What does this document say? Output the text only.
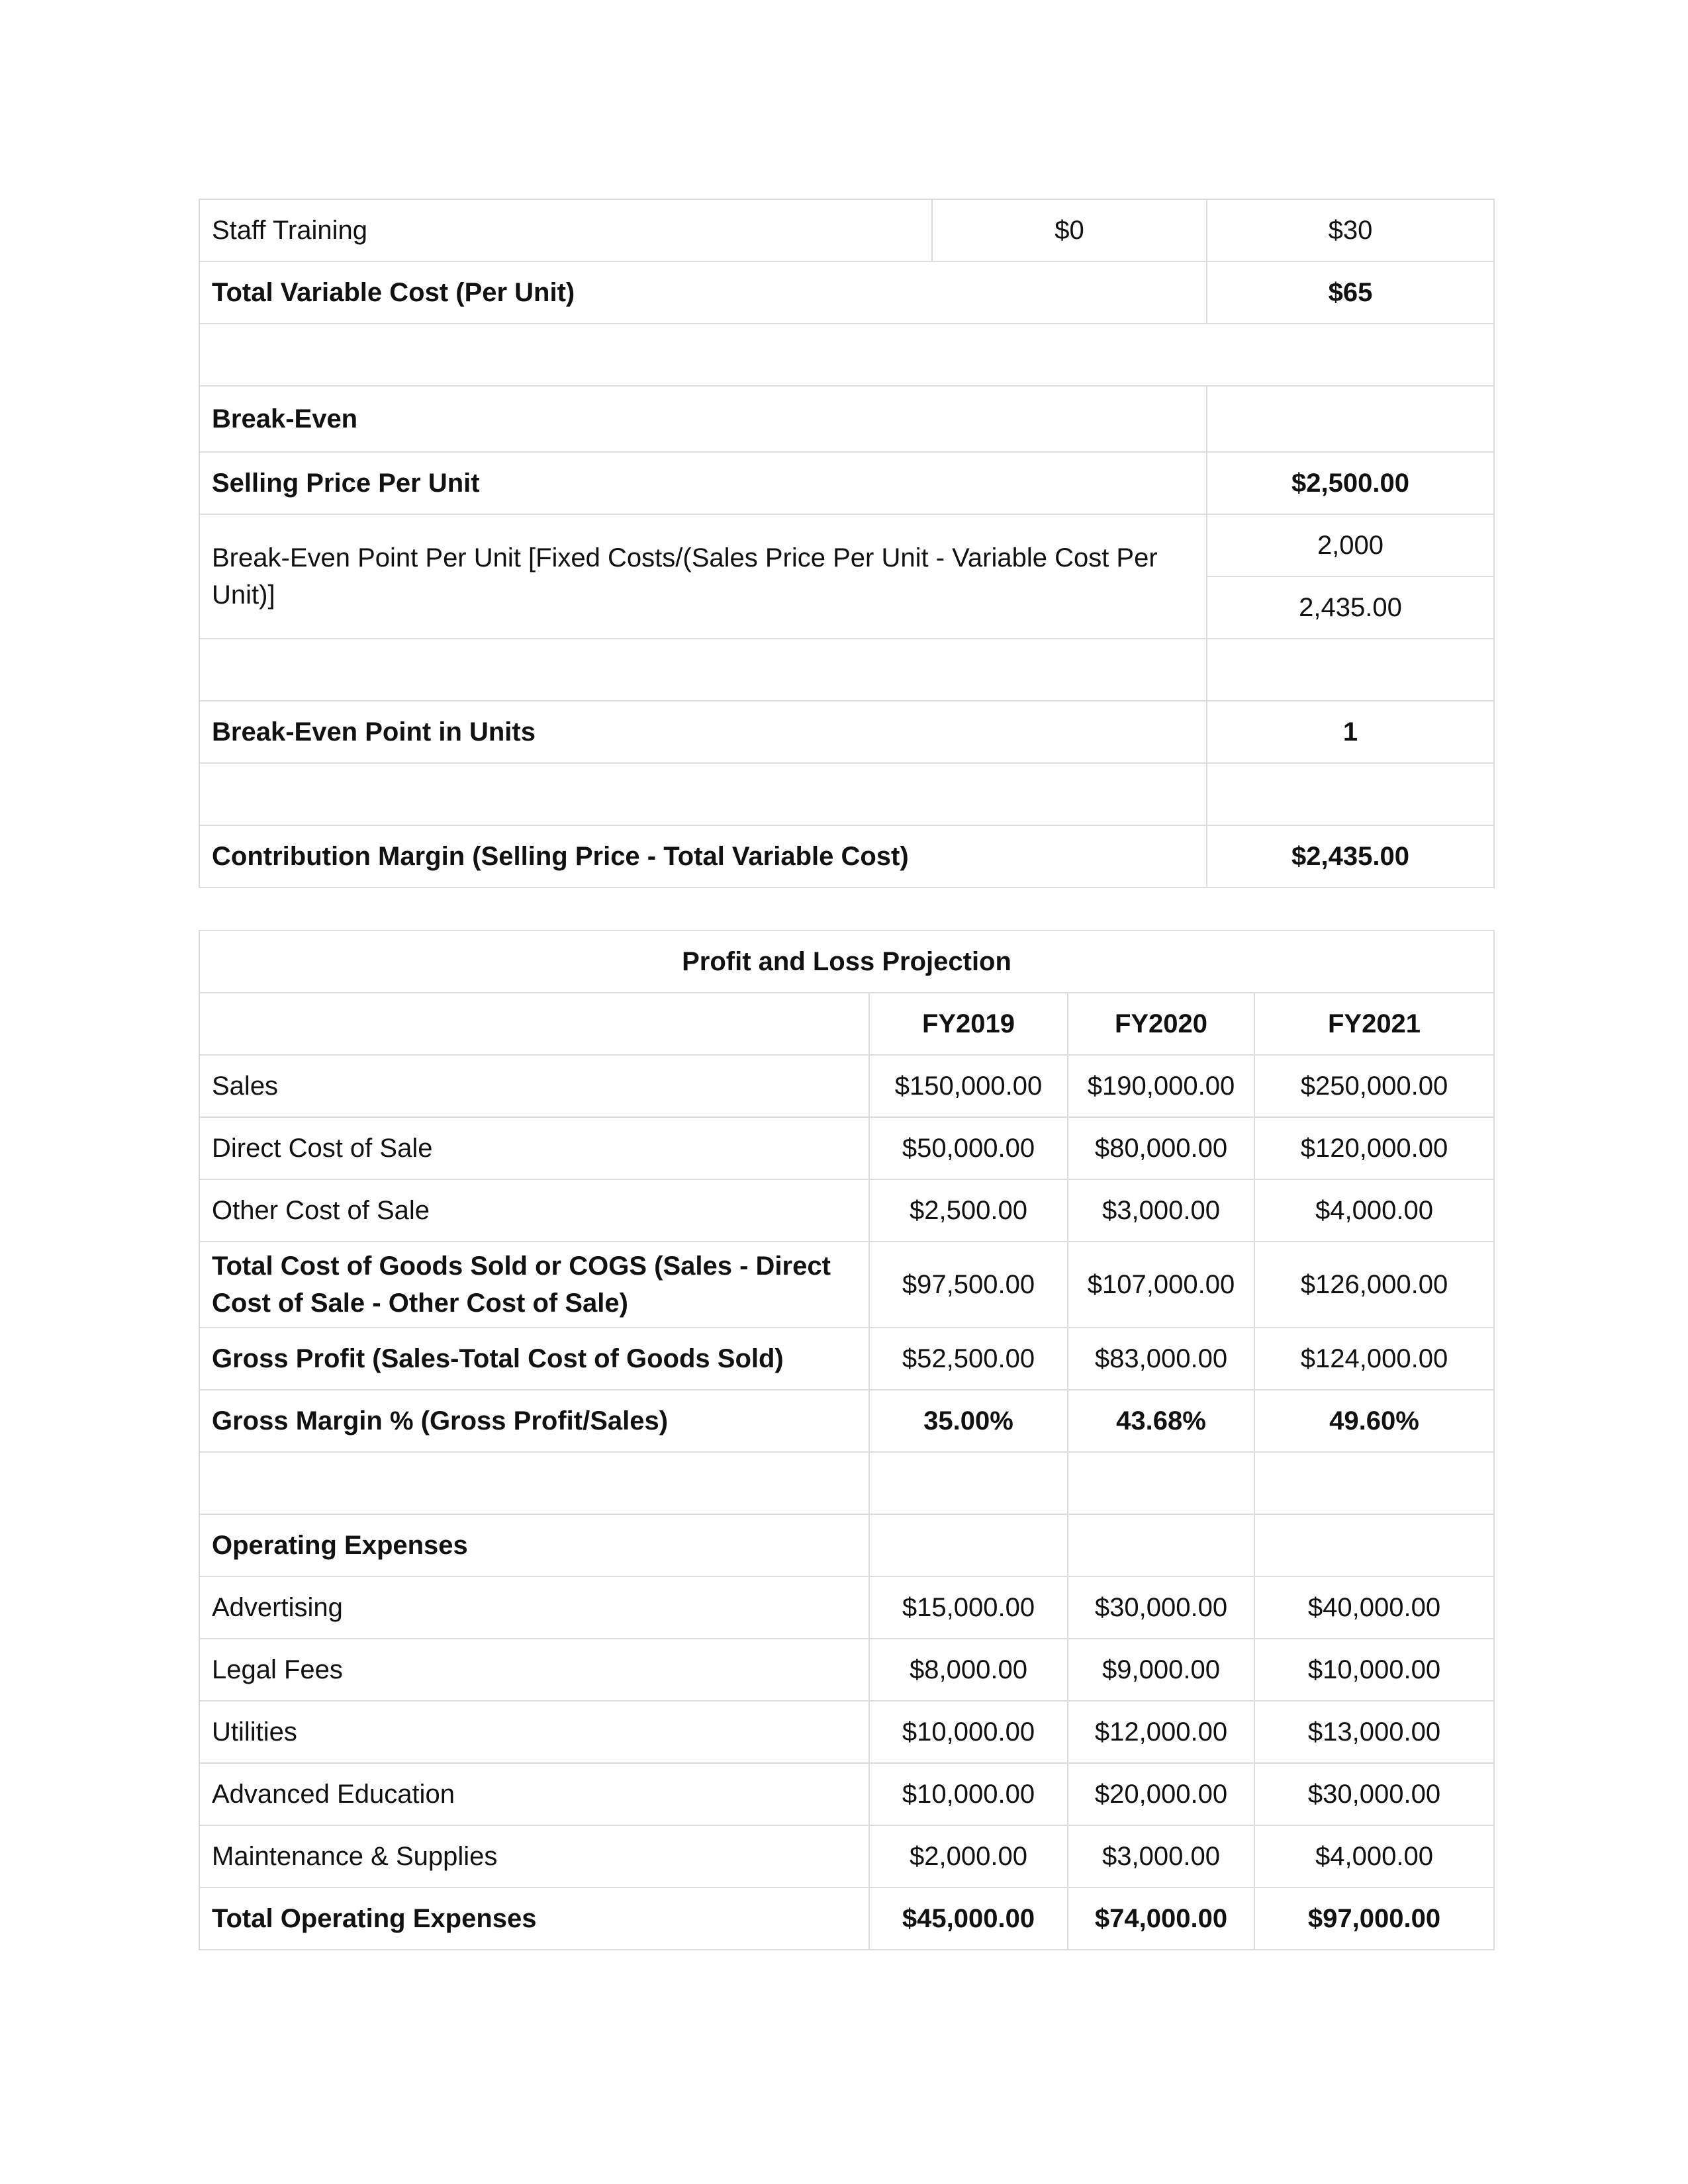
Staff Training	$0	$30
Total Variable Cost (Per Unit)		$65

Break-Even		
Selling Price Per Unit		$2,500.00
Break-Even Point Per Unit [Fixed Costs/(Sales Price Per Unit - Variable Cost Per Unit)]		2,000
		2,435.00

Break-Even Point in Units		1

Contribution Margin (Selling Price - Total Variable Cost)		$2,435.00
Profit and Loss Projection			
	FY2019	FY2020	FY2021
Sales	$150,000.00	$190,000.00	$250,000.00
Direct Cost of Sale	$50,000.00	$80,000.00	$120,000.00
Other Cost of Sale	$2,500.00	$3,000.00	$4,000.00
Total Cost of Goods Sold or COGS (Sales - Direct Cost of Sale - Other Cost of Sale)	$97,500.00	$107,000.00	$126,000.00
Gross Profit (Sales-Total Cost of Goods Sold)	$52,500.00	$83,000.00	$124,000.00
Gross Margin % (Gross Profit/Sales)	35.00%	43.68%	49.60%

Operating Expenses			
Advertising	$15,000.00	$30,000.00	$40,000.00
Legal Fees	$8,000.00	$9,000.00	$10,000.00
Utilities	$10,000.00	$12,000.00	$13,000.00
Advanced Education	$10,000.00	$20,000.00	$30,000.00
Maintenance & Supplies	$2,000.00	$3,000.00	$4,000.00
Total Operating Expenses	$45,000.00	$74,000.00	$97,000.00
